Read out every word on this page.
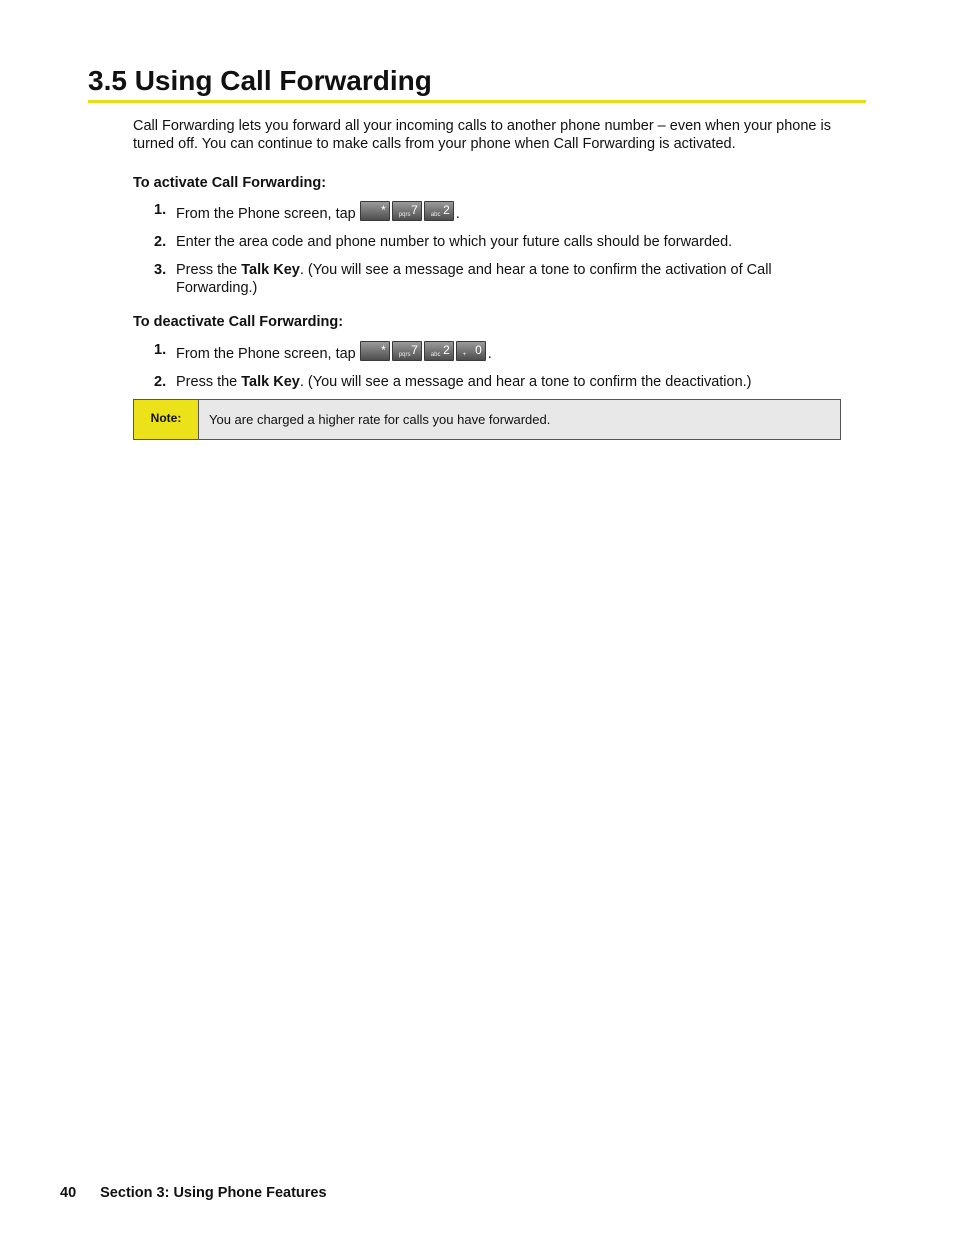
3.5 Using Call Forwarding

Call Forwarding lets you forward all your incoming calls to another phone number – even when your phone is turned off. You can continue to make calls from your phone when Call Forwarding is activated.

To activate Call Forwarding:

1. From the Phone screen, tap * pqrs 7 abc 2 .
2. Enter the area code and phone number to which your future calls should be forwarded.
3. Press the Talk Key. (You will see a message and hear a tone to confirm the activation of Call Forwarding.)

To deactivate Call Forwarding:

1. From the Phone screen, tap * pqrs 7 abc 2 + 0 .
2. Press the Talk Key. (You will see a message and hear a tone to confirm the deactivation.)
Note:	You are charged a higher rate for calls you have forwarded.
40 Section 3: Using Phone Features
